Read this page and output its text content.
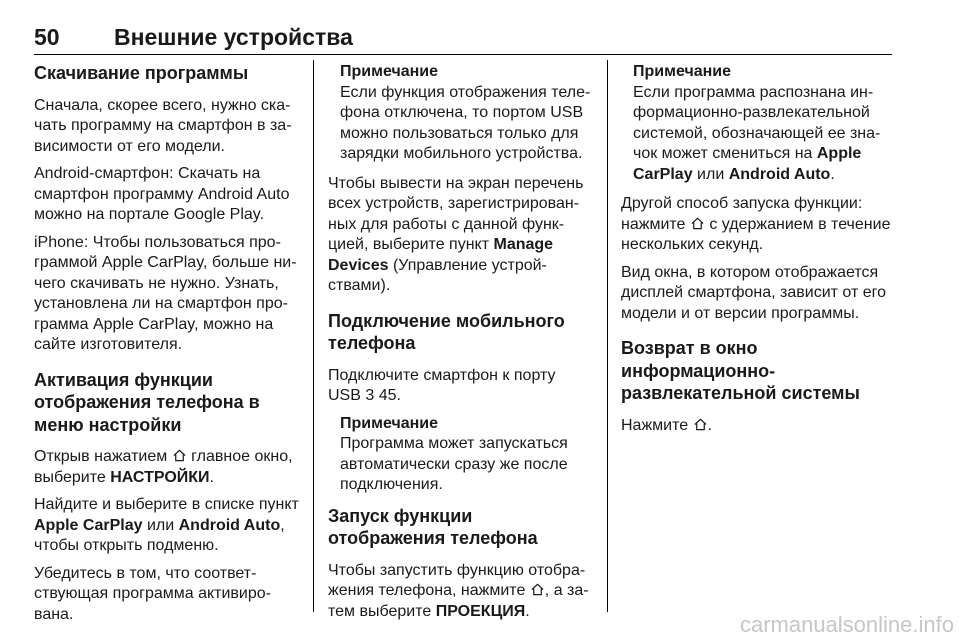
50 Внешние устройства
Скачивание программы

Сначала, скорее всего, нужно скачать программу на смартфон в зависимости от его модели.

Android-смартфон: Скачать на смартфон программу Android Auto можно на портале Google Play.

iPhone: Чтобы пользоваться программой Apple CarPlay, больше ничего скачивать не нужно. Узнать, установлена ли на смартфон программа Apple CarPlay, можно на сайте изготовителя.

Активация функции отображения телефона в меню настройки

Открыв нажатием главное окно, выберите НАСТРОЙКИ.

Найдите и выберите в списке пункт Apple CarPlay или Android Auto, чтобы открыть подменю.

Убедитесь в том, что соответствующая программа активирована.

Примечание
Если функция отображения телефона отключена, то портом USB можно пользоваться только для зарядки мобильного устройства.

Чтобы вывести на экран перечень всех устройств, зарегистрированных для работы с данной функцией, выберите пункт Manage Devices (Управление устройствами).

Подключение мобильного телефона

Подключите смартфон к порту USB 3 45.

Примечание
Программа может запускаться автоматически сразу же после подключения.
Запуск функции отображения телефона

Чтобы запустить функцию отображения телефона, нажмите , а затем выберите ПРОЕКЦИЯ.

Примечание
Если программа распознана информационно-развлекательной системой, обозначающей ее значок может смениться на Apple CarPlay или Android Auto.

Другой способ запуска функции: нажмите с удержанием в течение нескольких секунд.

Вид окна, в котором отображается дисплей смартфона, зависит от его модели и от версии программы.

Возврат в окно информационно-развлекательной системы

Нажмите .

carmanualsonline.info
